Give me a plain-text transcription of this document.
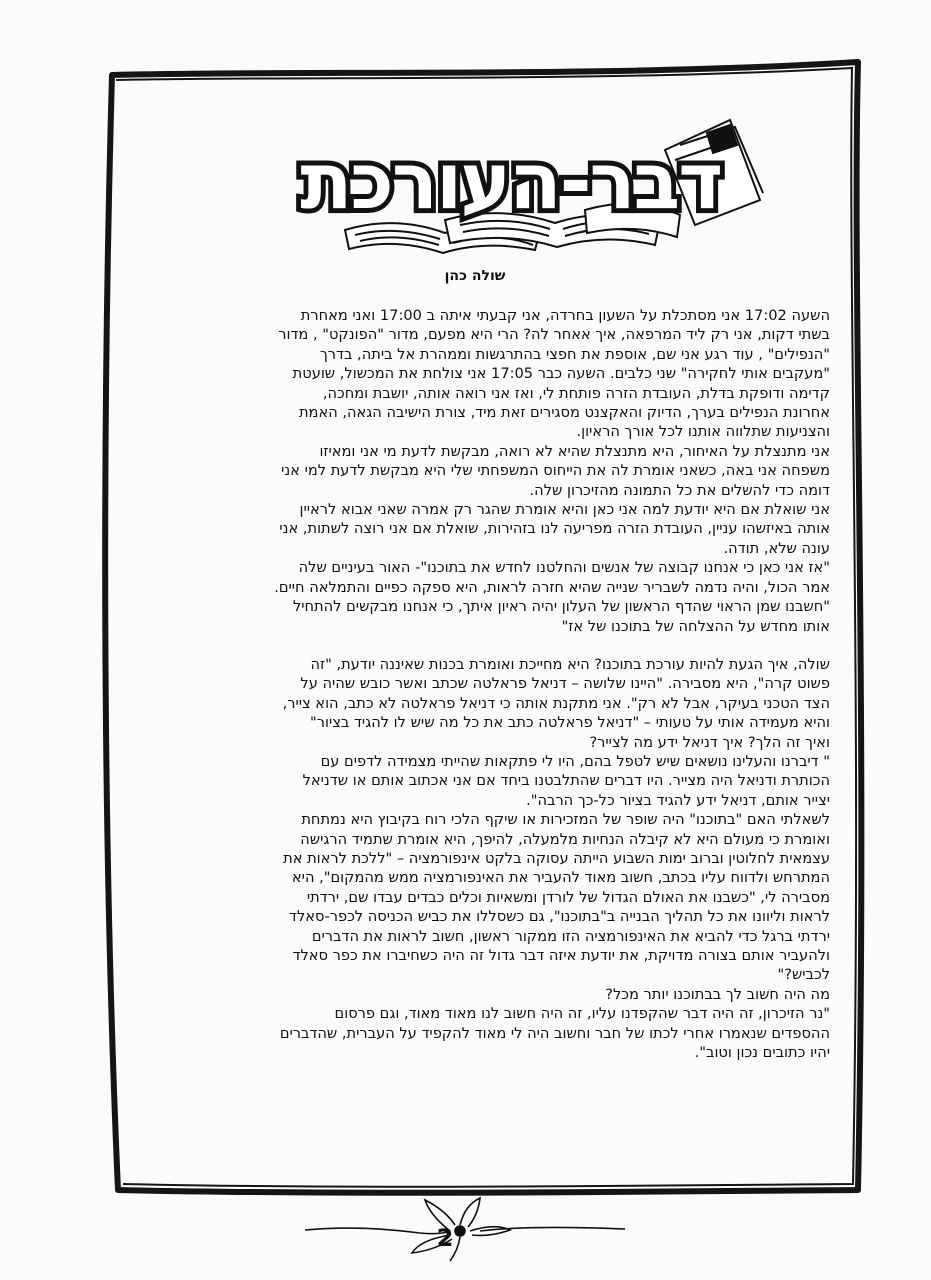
דבר-העורכת
שולה כהן

השעה 17:02 אני מסתכלת על השעון בחרדה, אני קבעתי איתה ב 17:00 ואני מאחרת
בשתי דקות, אני רק ליד המרפאה, איך אאחר לה? הרי היא מפעם, מדור "הפונקט" , מדור
"הנפילים" , עוד רגע אני שם, אוספת את חפצי בהתרגשות וממהרת אל ביתה, בדרך
"מעקבים אותי לחקירה" שני כלבים. השעה כבר 17:05 אני צולחת את המכשול, שועטת
קדימה ודופקת בדלת, העובדת הזרה פותחת לי, ואז אני רואה אותה, יושבת ומחכה,
אחרונת הנפילים בערך, הדיוק והאקצנט מסגירים זאת מיד, צורת הישיבה הגאה, האמת
והצניעות שתלווה אותנו לכל אורך הראיון.

אני מתנצלת על האיחור, היא מתנצלת שהיא לא רואה, מבקשת לדעת מי אני ומאיזו
משפחה אני באה, כשאני אומרת לה את הייחוס המשפחתי שלי היא מבקשת לדעת למי אני
דומה כדי להשלים את כל התמונה מהזיכרון שלה.

אני שואלת אם היא יודעת למה אני כאן והיא אומרת שהגר רק אמרה שאני אבוא לראיין
אותה באיזשהו עניין, העובדת הזרה מפריעה לנו בזהירות, שואלת אם אני רוצה לשתות, אני
עונה שלא, תודה.

"אז אני כאן כי אנחנו קבוצה של אנשים והחלטנו לחדש את בתוכנו"- האור בעיניים שלה
אמר הכול, והיה נדמה לשבריר שנייה שהיא חזרה לראות, היא ספקה כפיים והתמלאה חיים.

"חשבנו שמן הראוי שהדף הראשון של העלון יהיה ראיון איתך, כי אנחנו מבקשים להתחיל
אותו מחדש על ההצלחה של בתוכנו של אז"

שולה, איך הגעת להיות עורכת בתוכנו? היא מחייכת ואומרת בכנות שאיננה יודעת, "זה
פשוט קרה", היא מסבירה. "היינו שלושה – דניאל פראלטה שכתב ואשר כובש שהיה על
הצד הטכני בעיקר, אבל לא רק". אני מתקנת אותה כי דניאל פראלטה לא כתב, הוא צייר,
והיא מעמידה אותי על טעותי – "דניאל פראלטה כתב את כל מה שיש לו להגיד בציור"

ואיך זה הלך? איך דניאל ידע מה לצייר?

" דיברנו והעלינו נושאים שיש לטפל בהם, היו לי פתקאות שהייתי מצמידה לדפים עם
הכותרת ודניאל היה מצייר. היו דברים שהתלבטנו ביחד אם אני אכתוב אותם או שדניאל
יצייר אותם, דניאל ידע להגיד בציור כל-כך הרבה".

לשאלתי האם "בתוכנו" היה שופר של המזכירות או שיקף הלכי רוח בקיבוץ היא נמתחת
ואומרת כי מעולם היא לא קיבלה הנחיות מלמעלה, להיפך, היא אומרת שתמיד הרגישה
עצמאית לחלוטין וברוב ימות השבוע הייתה עסוקה בלקט אינפורמציה – "ללכת לראות את
המתרחש ולדווח עליו בכתב, חשוב מאוד להעביר את האינפורמציה ממש מהמקום", היא
מסבירה לי, "כשבנו את האולם הגדול של לורדן ומשאיות וכלים כבדים עבדו שם, ירדתי
לראות וליוונו את כל תהליך הבנייה ב"בתוכנו", גם כשסללו את כביש הכניסה לכפר-סאלד
ירדתי ברגל כדי להביא את האינפורמציה הזו ממקור ראשון, חשוב לראות את הדברים
ולהעביר אותם בצורה מדויקת, את יודעת איזה דבר גדול זה היה כשחיברו את כפר סאלד
לכביש?"

מה היה חשוב לך בבתוכנו יותר מכל?

"נר הזיכרון, זה היה דבר שהקפדנו עליו, זה היה חשוב לנו מאוד מאוד, וגם פרסום
ההספדים שנאמרו אחרי לכתו של חבר וחשוב היה לי מאוד להקפיד על העברית, שהדברים
יהיו כתובים נכון וטוב".

2
